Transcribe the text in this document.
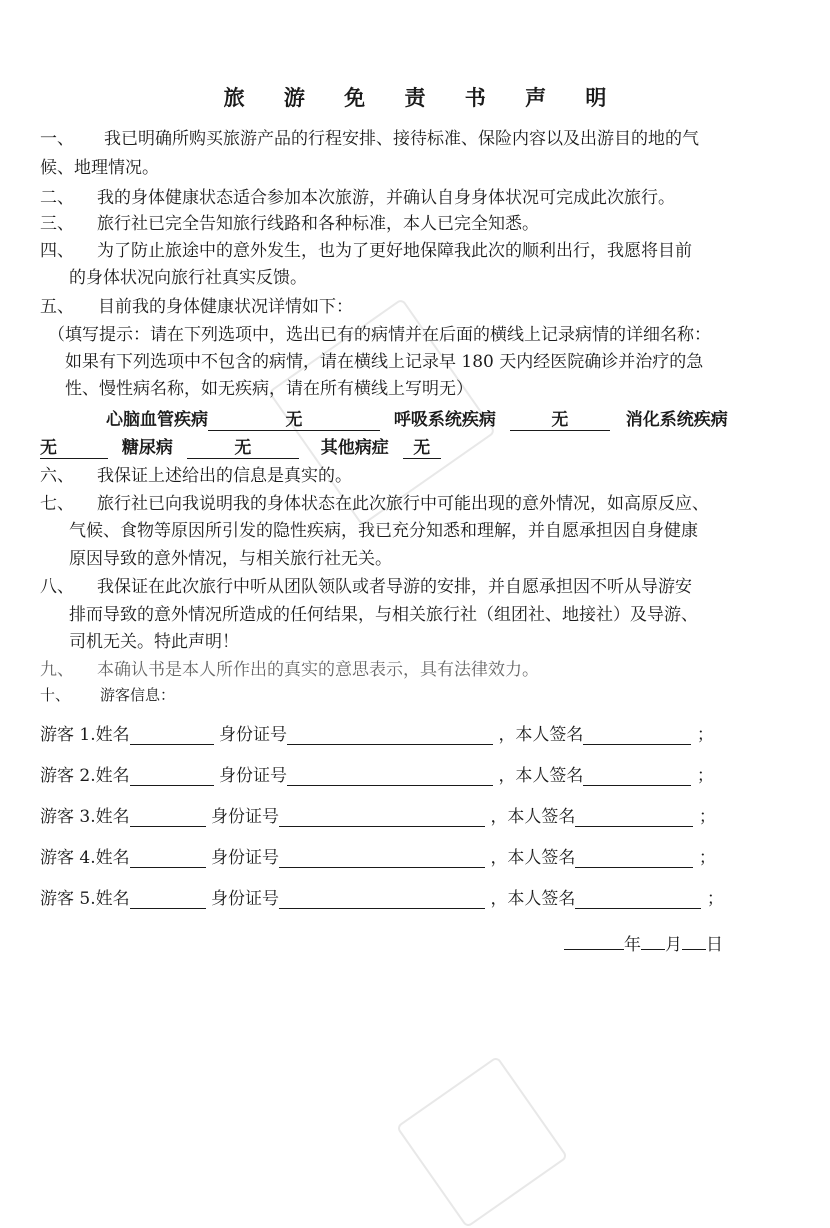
旅 游 免 责 书 声 明
一、 我已明确所购买旅游产品的行程安排、接待标准、保险内容以及出游目的地的气
候、地理情况。
二、 我的身体健康状态适合参加本次旅游，并确认自身身体状况可完成此次旅行。
三、 旅行社已完全告知旅行线路和各种标准，本人已完全知悉。
四、 为了防止旅途中的意外发生，也为了更好地保障我此次的顺利出行，我愿将目前
的身体状况向旅行社真实反馈。
五、 目前我的身体健康状况详情如下：
（填写提示：请在下列选项中，选出已有的病情并在后面的横线上记录病情的详细名称：
如果有下列选项中不包含的病情，请在横线上记录早 180 天内经医院确诊并治疗的急
性、慢性病名称，如无疾病，请在所有横线上写明无）
心脑血管疾病	无	呼吸系统疾病	无	消化系统疾病
无	糖尿病	无	其他病症 无
六、 我保证上述给出的信息是真实的。
七、 旅行社已向我说明我的身体状态在此次旅行中可能出现的意外情况，如高原反应、
气候、食物等原因所引发的隐性疾病，我已充分知悉和理解，并自愿承担因自身健康
原因导致的意外情况，与相关旅行社无关。
八、 我保证在此次旅行中听从团队领队或者导游的安排，并自愿承担因不听从导游安
排而导致的意外情况所造成的任何结果，与相关旅行社（组团社、地接社）及导游、
司机无关。特此声明！
九、 本确认书是本人所作出的真实的意思表示，具有法律效力。
十、 游客信息：
游客 1.姓名	身份证号	，本人签名	；
游客 2.姓名	身份证号	，本人签名	；
游客 3.姓名	身份证号	，本人签名	；
游客 4.姓名	身份证号	，本人签名	；
游客 5.姓名	身份证号	，本人签名	；
年 月 日
